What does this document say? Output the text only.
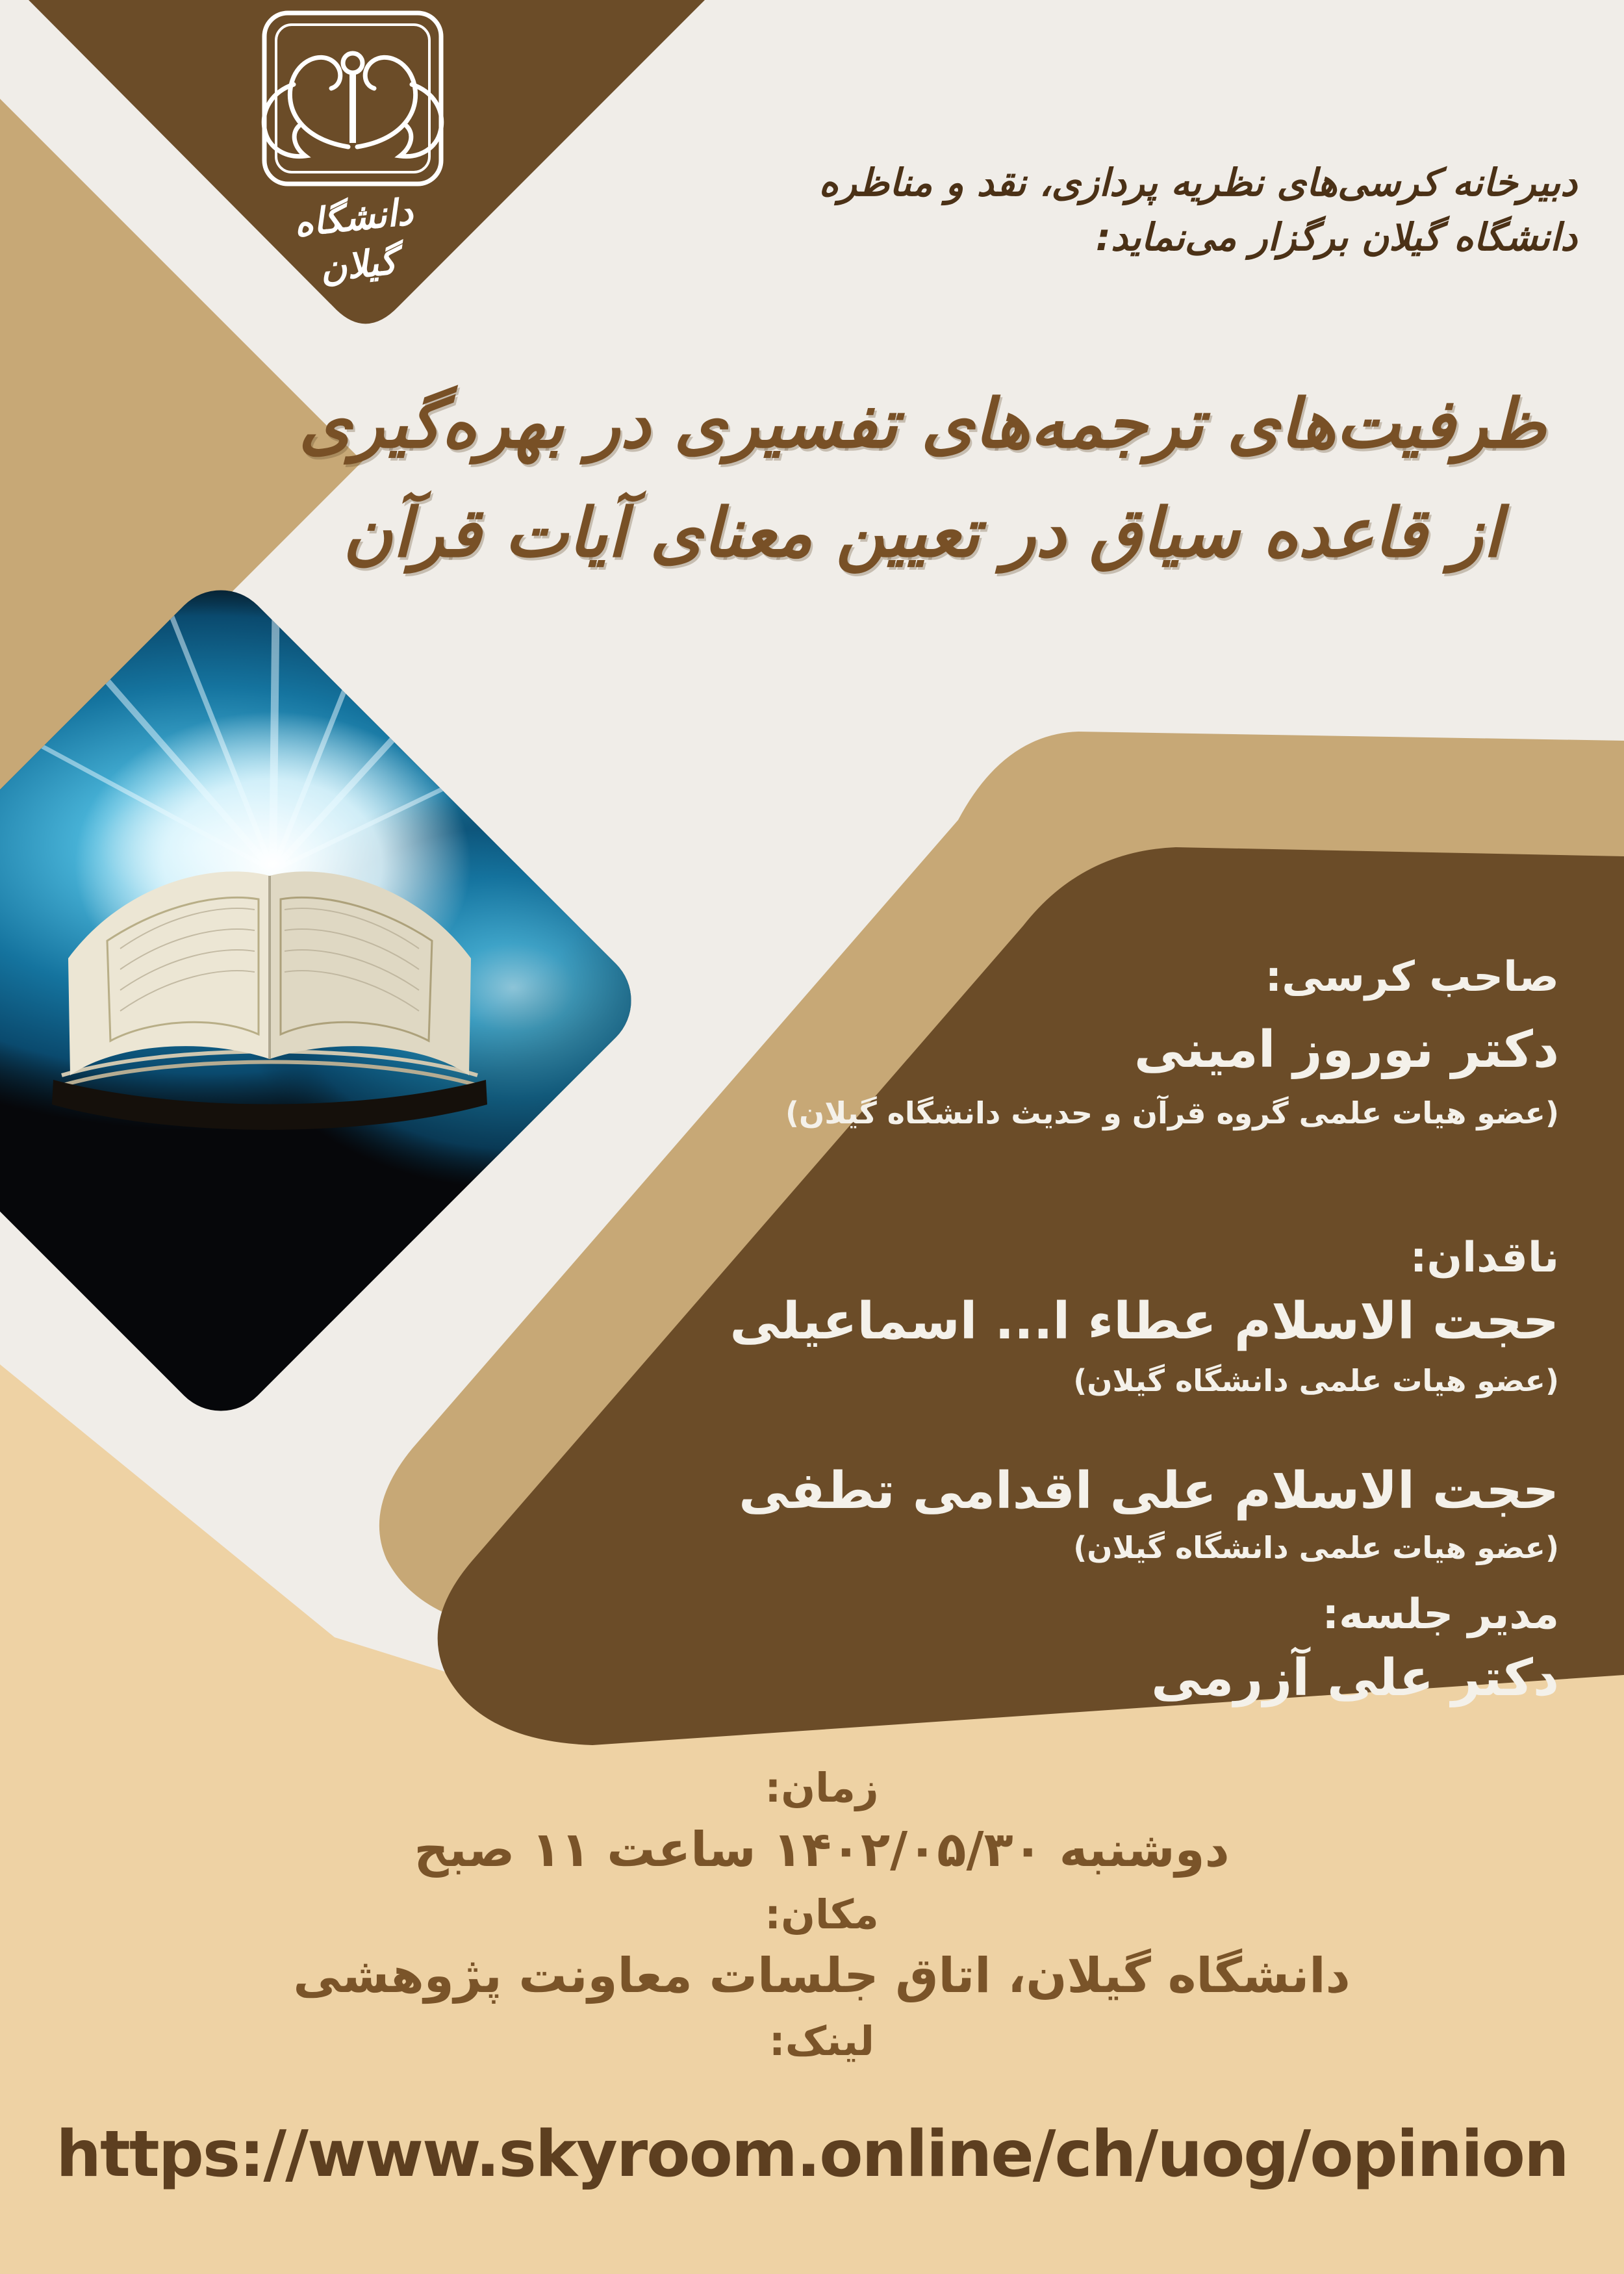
دانشگاه گیلان
دبیرخانه کرسی‌های نظریه پردازی، نقد و مناظره
دانشگاه گیلان برگزار می‌نماید:
ظرفیت‌های ترجمه‌های تفسیری در بهره‌گیری
از قاعده سیاق در تعیین معنای آیات قرآن
صاحب کرسی:
دکتر نوروز امینی
(عضو هیات علمی گروه قرآن و حدیث دانشگاه گیلان)
ناقدان:
حجت الاسلام عطاء ا... اسماعیلی
(عضو هیات علمی دانشگاه گیلان)
حجت الاسلام علی اقدامی تطفی
(عضو هیات علمی دانشگاه گیلان)
مدیر جلسه:
دکتر علی آزرمی
زمان:
دوشنبه ۱۴۰۲/۰۵/۳۰ ساعت ۱۱ صبح
مکان:
دانشگاه گیلان، اتاق جلسات معاونت پژوهشی
لینک:
https://www.skyroom.online/ch/uog/opinion
